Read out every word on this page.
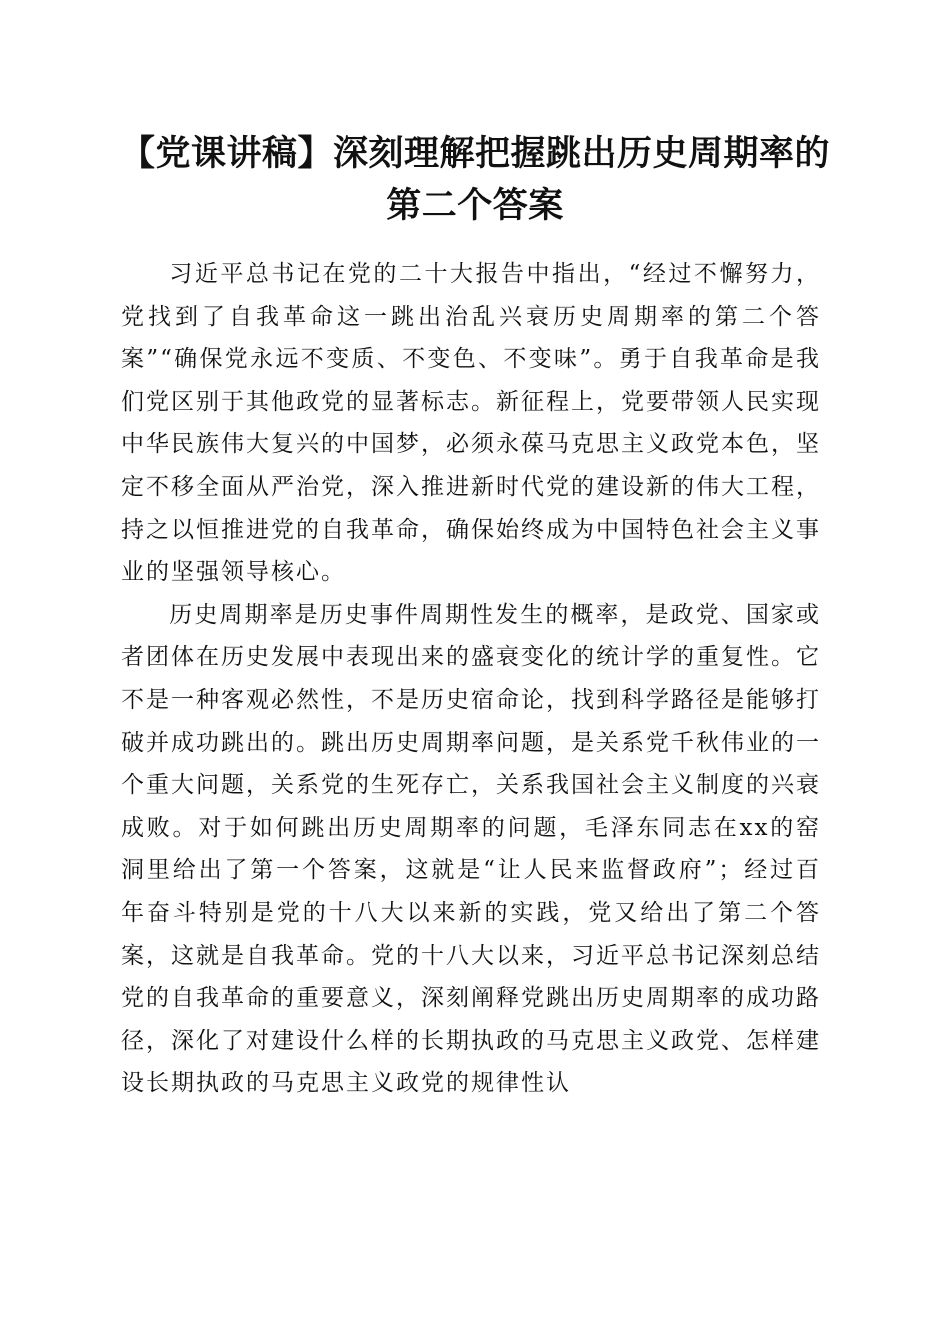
【党课讲稿】深刻理解把握跳出历史周期率的
第二个答案

习近平总书记在党的二十大报告中指出，“经过不懈努力，党找到了自我革命这一跳出治乱兴衰历史周期率的第二个答案”“确保党永远不变质、不变色、不变味”。勇于自我革命是我们党区别于其他政党的显著标志。新征程上，党要带领人民实现中华民族伟大复兴的中国梦，必须永葆马克思主义政党本色，坚定不移全面从严治党，深入推进新时代党的建设新的伟大工程，持之以恒推进党的自我革命，确保始终成为中国特色社会主义事业的坚强领导核心。

历史周期率是历史事件周期性发生的概率，是政党、国家或者团体在历史发展中表现出来的盛衰变化的统计学的重复性。它不是一种客观必然性，不是历史宿命论，找到科学路径是能够打破并成功跳出的。跳出历史周期率问题，是关系党千秋伟业的一个重大问题，关系党的生死存亡，关系我国社会主义制度的兴衰成败。对于如何跳出历史周期率的问题，毛泽东同志在xx的窑洞里给出了第一个答案，这就是“让人民来监督政府”；经过百年奋斗特别是党的十八大以来新的实践，党又给出了第二个答案，这就是自我革命。党的十八大以来，习近平总书记深刻总结党的自我革命的重要意义，深刻阐释党跳出历史周期率的成功路径，深化了对建设什么样的长期执政的马克思主义政党、怎样建设长期执政的马克思主义政党的规律性认
